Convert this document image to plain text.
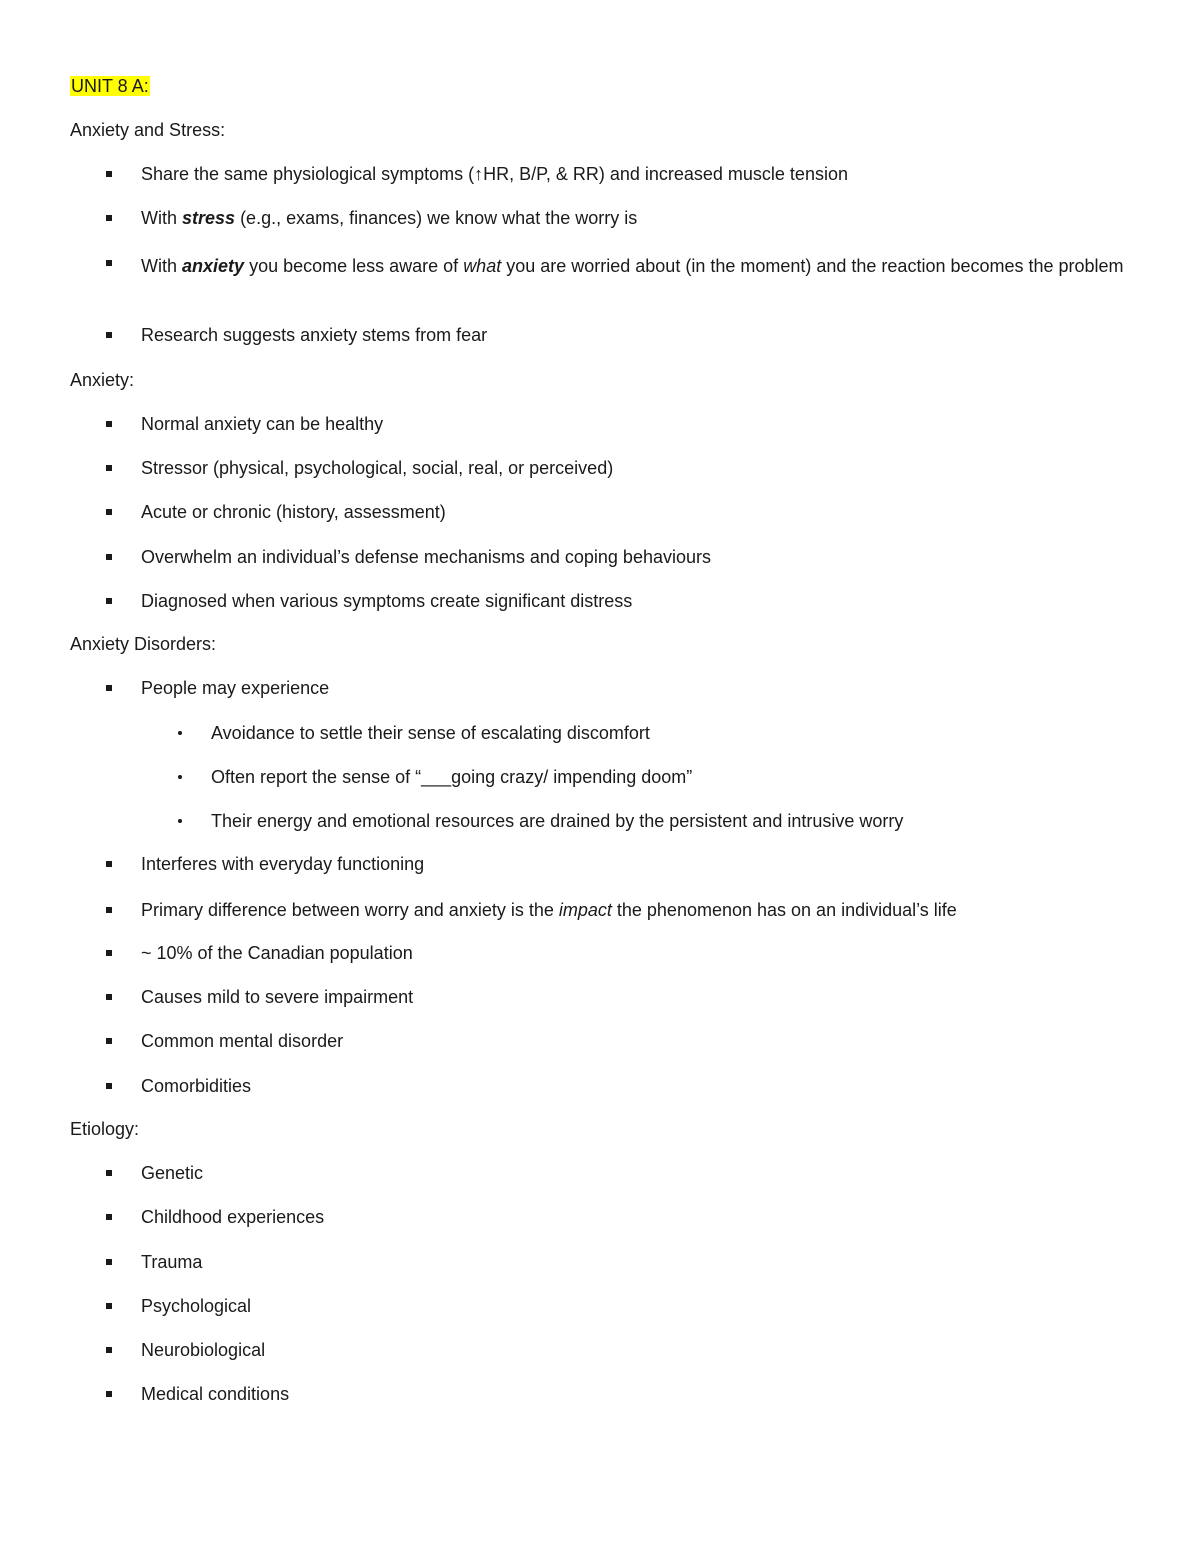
UNIT 8 A:
Anxiety and Stress:
Share the same physiological symptoms (↑HR, B/P, & RR) and increased muscle tension
With stress (e.g., exams, finances) we know what the worry is
With anxiety you become less aware of what you are worried about (in the moment) and the reaction becomes the problem
Research suggests anxiety stems from fear
Anxiety:
Normal anxiety can be healthy
Stressor (physical, psychological, social, real, or perceived)
Acute or chronic (history, assessment)
Overwhelm an individual’s defense mechanisms and coping behaviours
Diagnosed when various symptoms create significant distress
Anxiety Disorders:
People may experience
Avoidance to settle their sense of escalating discomfort
Often report the sense of “___going crazy/ impending doom”
Their energy and emotional resources are drained by the persistent and intrusive worry
Interferes with everyday functioning
Primary difference between worry and anxiety is the impact the phenomenon has on an individual’s life
~ 10% of the Canadian population
Causes mild to severe impairment
Common mental disorder
Comorbidities
Etiology:
Genetic
Childhood experiences
Trauma
Psychological
Neurobiological
Medical conditions
